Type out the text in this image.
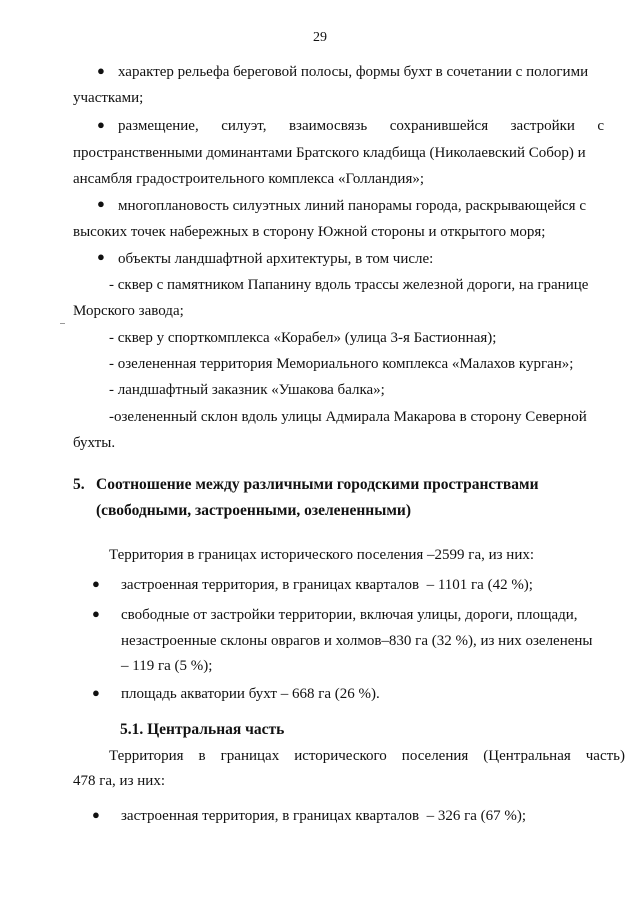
29
● характер рельефа береговой полосы, формы бухт в сочетании с пологими
участками;
● размещение,      силуэт,      взаимосвязь      сохранившейся      застройки      с
пространственными доминантами Братского кладбища (Николаевский Собор) и
ансамбля градостроительного комплекса «Голландия»;
● многоплановость силуэтных линий панорамы города, раскрывающейся с
высоких точек набережных в сторону Южной стороны и открытого моря;
● объекты ландшафтной архитектуры, в том числе:
- сквер с памятником Папанину вдоль трассы железной дороги, на границе
Морского завода;
- сквер у спорткомплекса «Корабел» (улица 3-я Бастионная);
- озелененная территория Мемориального комплекса «Малахов курган»;
- ландшафтный заказник «Ушакова балка»;
-озелененный склон вдоль улицы Адмирала Макарова в сторону Северной
бухты.
5. Соотношение между различными городскими пространствами
(свободными, застроенными, озелененными)
Территория в границах исторического поселения –2599 га, из них:
● застроенная территория, в границах кварталов  – 1101 га (42 %);
● свободные от застройки территории, включая улицы, дороги, площади,
незастроенные склоны оврагов и холмов–830 га (32 %), из них озеленены
– 119 га (5 %);
● площадь акватории бухт – 668 га (26 %).
5.1. Центральная часть
Территория    в    границах    исторического    поселения    (Центральная    часть)
478 га, из них:
● застроенная территория, в границах кварталов  – 326 га (67 %);
